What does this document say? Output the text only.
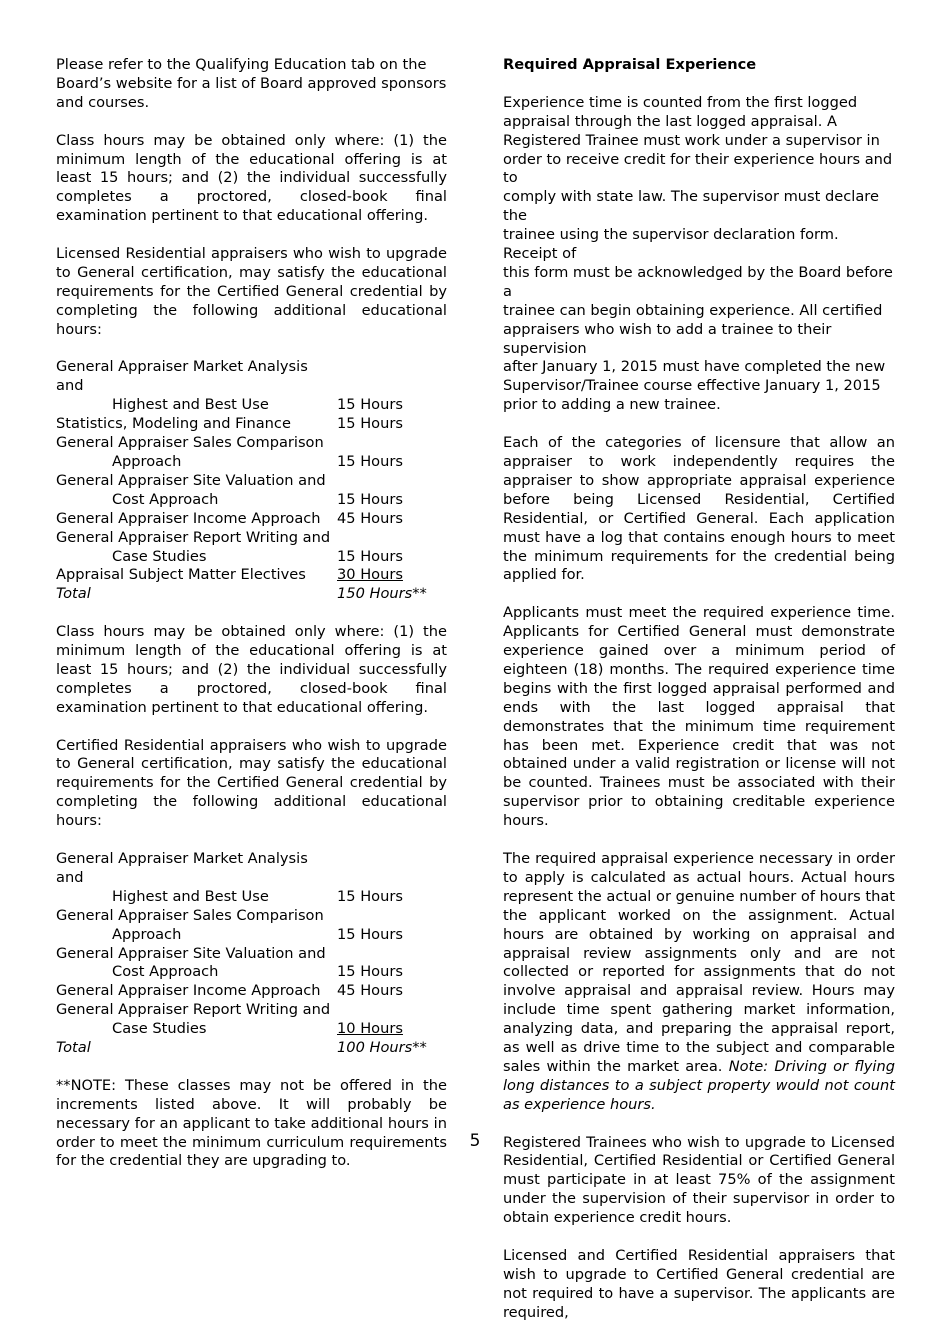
Please refer to the Qualifying Education tab on the Board’s website for a list of Board approved sponsors and courses.

Class hours may be obtained only where: (1) the minimum length of the educational offering is at least 15 hours; and (2) the individual successfully completes a proctored, closed-book final examination pertinent to that educational offering.

Licensed Residential appraisers who wish to upgrade to General certification, may satisfy the educational requirements for the Certified General credential by completing the following additional educational hours:

General Appraiser Market Analysis and
Highest and Best Use	15 Hours
Statistics, Modeling and Finance	15 Hours
General Appraiser Sales Comparison
Approach	15 Hours
General Appraiser Site Valuation and
Cost Approach	15 Hours
General Appraiser Income Approach	45 Hours
General Appraiser Report Writing and
Case Studies	15 Hours
Appraisal Subject Matter Electives	30 Hours
Total	150 Hours**

Class hours may be obtained only where: (1) the minimum length of the educational offering is at least 15 hours; and (2) the individual successfully completes a proctored, closed-book final examination pertinent to that educational offering.

Certified Residential appraisers who wish to upgrade to General certification, may satisfy the educational requirements for the Certified General credential by completing the following additional educational hours:

General Appraiser Market Analysis and
Highest and Best Use	15 Hours
General Appraiser Sales Comparison
Approach	15 Hours
General Appraiser Site Valuation and
Cost Approach	15 Hours
General Appraiser Income Approach	45 Hours
General Appraiser Report Writing and
Case Studies	10 Hours
Total	100 Hours**

**NOTE: These classes may not be offered in the increments listed above. It will probably be necessary for an applicant to take additional hours in order to meet the minimum curriculum requirements for the credential they are upgrading to.

Required Appraisal Experience

Experience time is counted from the first logged
appraisal through the last logged appraisal. A
Registered Trainee must work under a supervisor in
order to receive credit for their experience hours and to
comply with state law. The supervisor must declare the
trainee using the supervisor declaration form. Receipt of
this form must be acknowledged by the Board before a
trainee can begin obtaining experience. All certified
appraisers who wish to add a trainee to their supervision
after January 1, 2015 must have completed the new
Supervisor/Trainee course effective January 1, 2015
prior to adding a new trainee.

Each of the categories of licensure that allow an appraiser to work independently requires the appraiser to show appropriate appraisal experience before being Licensed Residential, Certified Residential, or Certified General. Each application must have a log that contains enough hours to meet the minimum requirements for the credential being applied for.

Applicants must meet the required experience time. Applicants for Certified General must demonstrate experience gained over a minimum period of eighteen (18) months. The required experience time begins with the first logged appraisal performed and ends with the last logged appraisal that demonstrates that the minimum time requirement has been met. Experience credit that was not obtained under a valid registration or license will not be counted. Trainees must be associated with their supervisor prior to obtaining creditable experience hours.

The required appraisal experience necessary in order to apply is calculated as actual hours. Actual hours represent the actual or genuine number of hours that the applicant worked on the assignment. Actual hours are obtained by working on appraisal and appraisal review assignments only and are not collected or reported for assignments that do not involve appraisal and appraisal review. Hours may include time spent gathering market information, analyzing data, and preparing the appraisal report, as well as drive time to the subject and comparable sales within the market area. Note: Driving or flying long distances to a subject property would not count as experience hours.

Registered Trainees who wish to upgrade to Licensed Residential, Certified Residential or Certified General must participate in at least 75% of the assignment under the supervision of their supervisor in order to obtain experience credit hours.

Licensed and Certified Residential appraisers that wish to upgrade to Certified General credential are not required to have a supervisor. The applicants are required,

5
